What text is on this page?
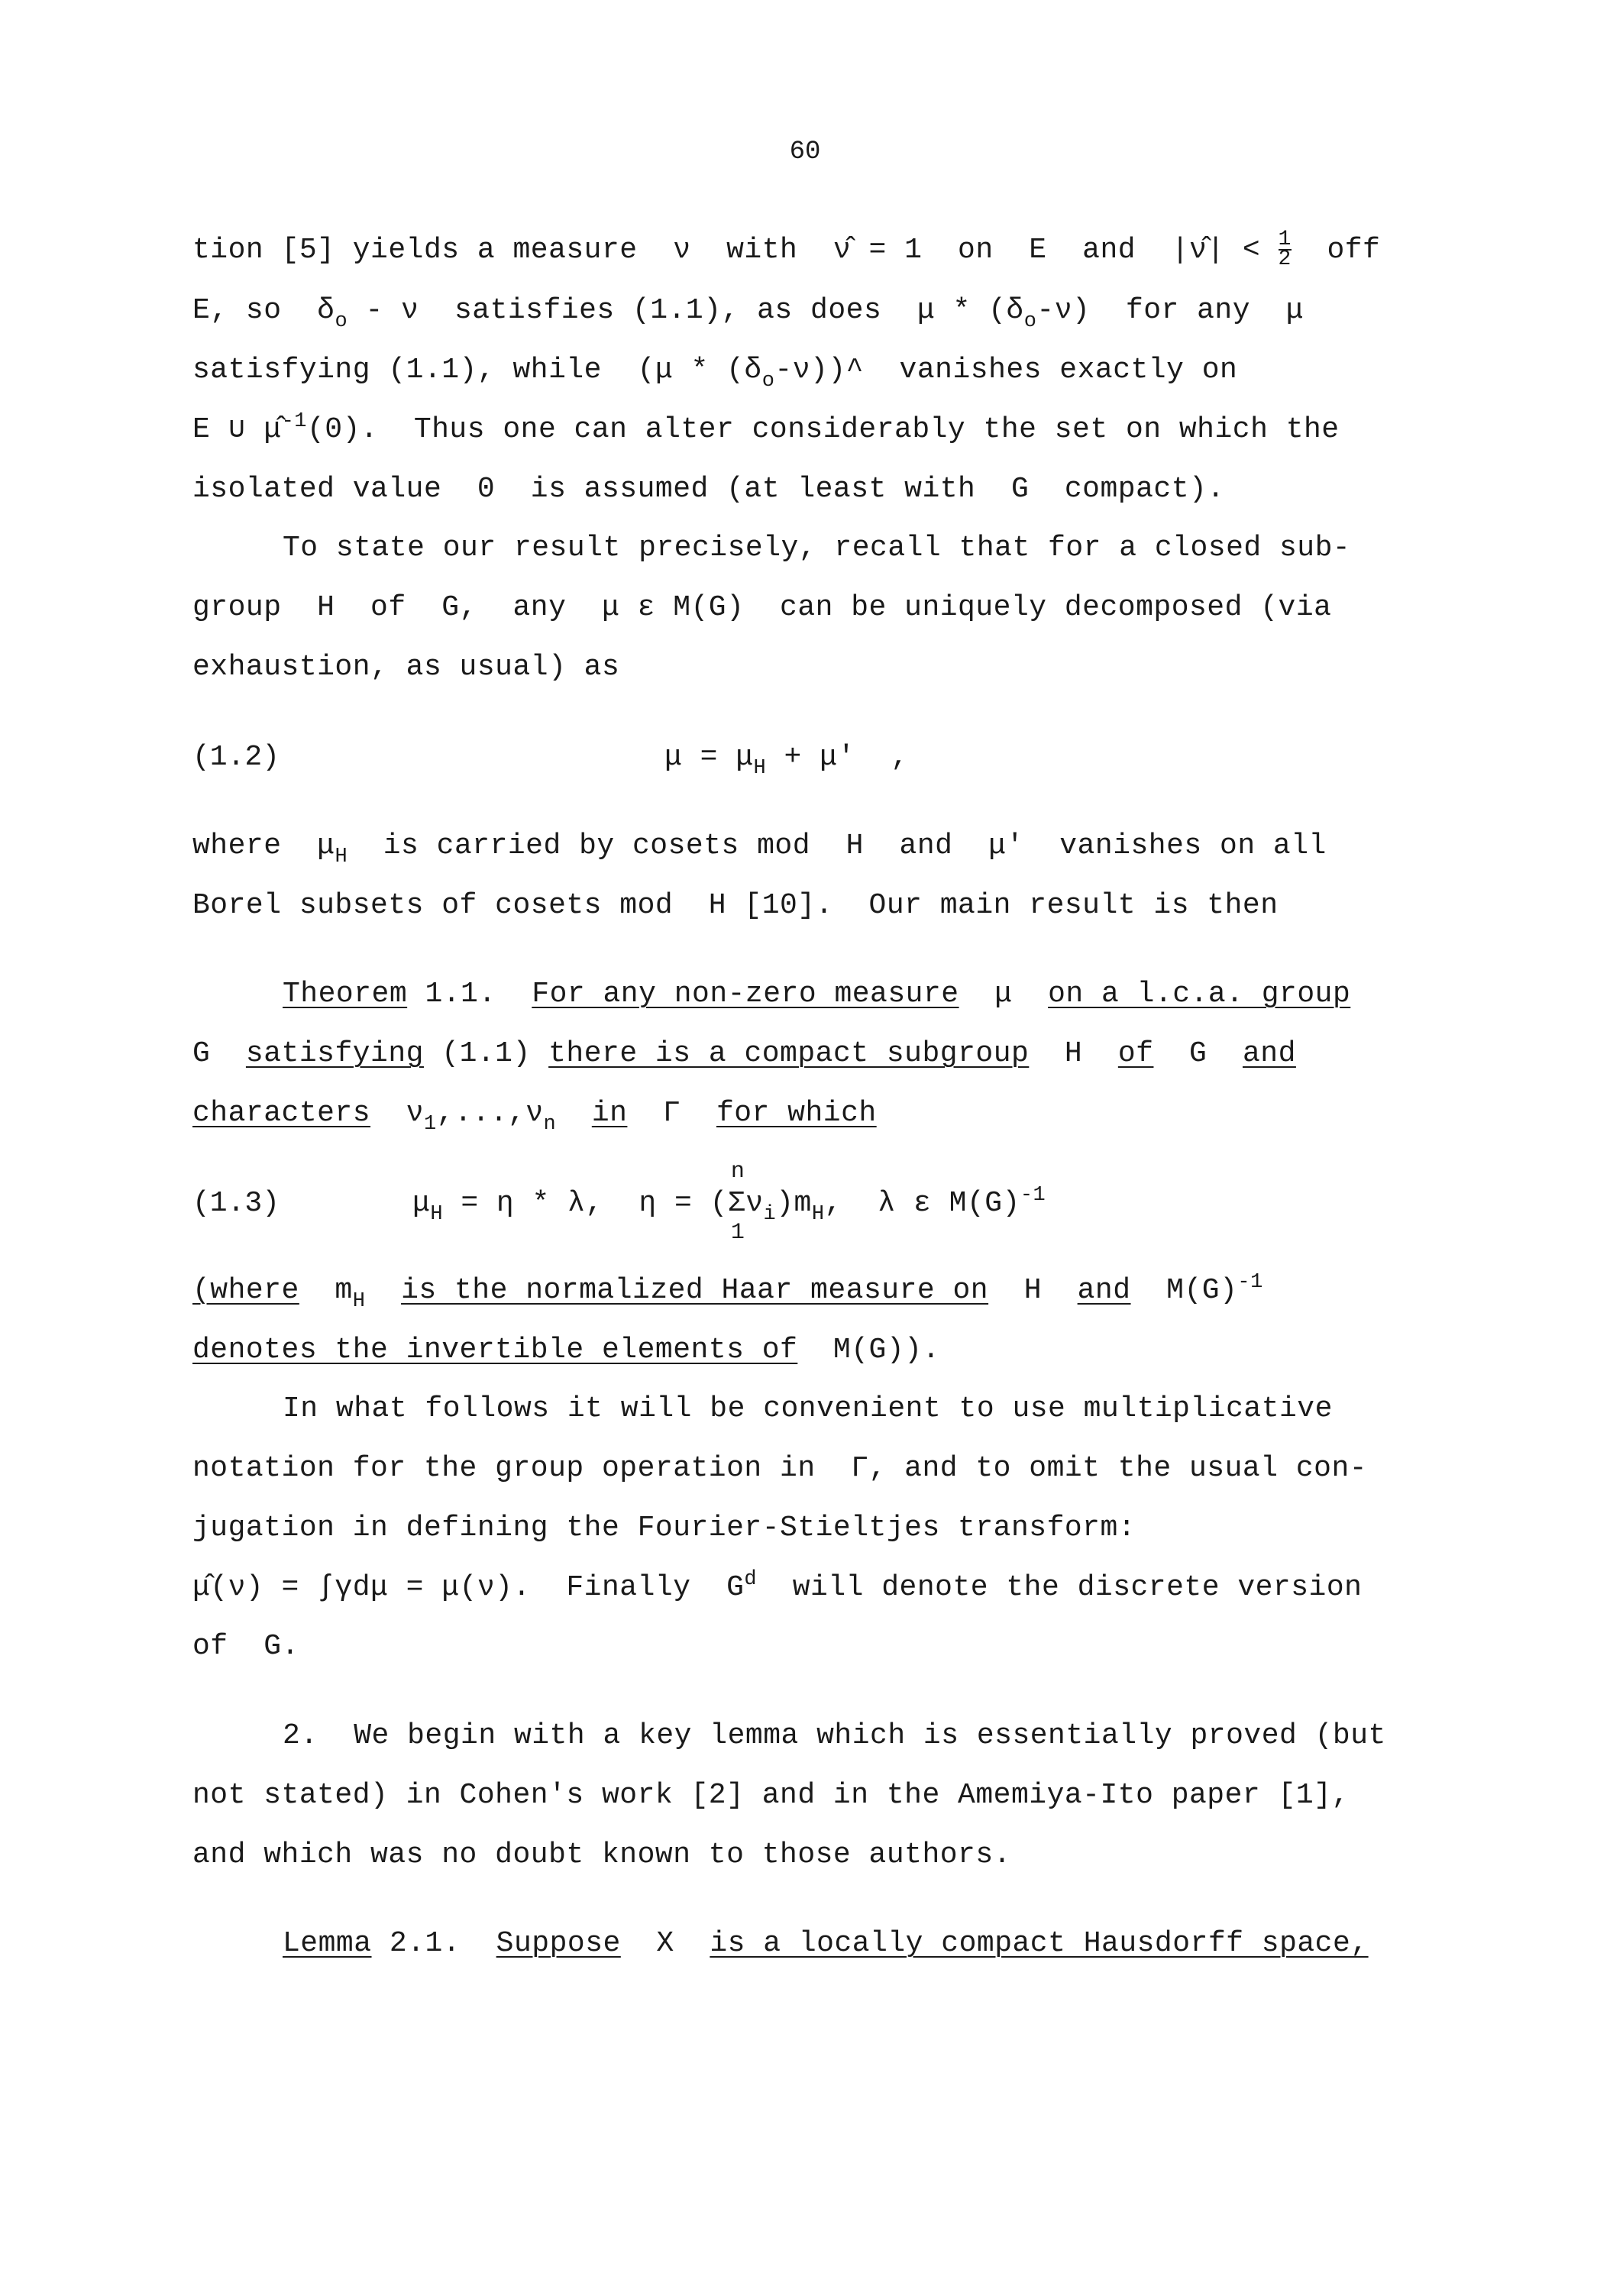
60
tion [5] yields a measure  ν  with  ν̂ = 1  on  E  and  |ν̂| < $\frac{1}{2}$ off
E, so  $\delta_o$ - ν  satisfies (1.1), as does  μ * $(\delta_o-\nu)$  for any  μ
satisfying (1.1), while  $(\mu * (\delta_o-\nu))\^{}$  vanishes exactly on
E ∪ μ̂$^{-1}$(0).  Thus one can alter considerably the set on which the
isolated value  0  is assumed (at least with  G  compact).
To state our result precisely, recall that for a closed sub-
group  H  of  G,  any  μ ε M(G)  can be uniquely decomposed (via
exhaustion, as usual) as
(1.2)	$\mu = \mu_H + \mu'$  ,
where  $\mu_H$  is carried by cosets mod  H  and  μ'  vanishes on all
Borel subsets of cosets mod  H [10].  Our main result is then
Theorem 1.1.  For any non-zero measure  μ  on a l.c.a. group
G  satisfying (1.1) there is a compact subgroup  H  of  G  and
characters  $\nu_1,...,\nu_n$ in  Γ  for which
(1.3)	$\mu_H = \eta * \lambda$,  η = (Σ
n
1
$\nu_i)m_H$,  λ ε $M(G)^{-1}$
(where  $m_H$ is the normalized Haar measure on  H  and  $M(G)^{-1}$
denotes the invertible elements of  M(G)).
In what follows it will be convenient to use multiplicative
notation for the group operation in  Γ, and to omit the usual con-
jugation in defining the Fourier-Stieltjes transform:
μ̂(ν) = ∫γdμ = μ(ν).  Finally  $G^d$  will denote the discrete version
of  G.
2.  We begin with a key lemma which is essentially proved (but
not stated) in Cohen's work [2] and in the Amemiya-Ito paper [1],
and which was no doubt known to those authors.
Lemma 2.1.  Suppose  X  is a locally compact Hausdorff space,
